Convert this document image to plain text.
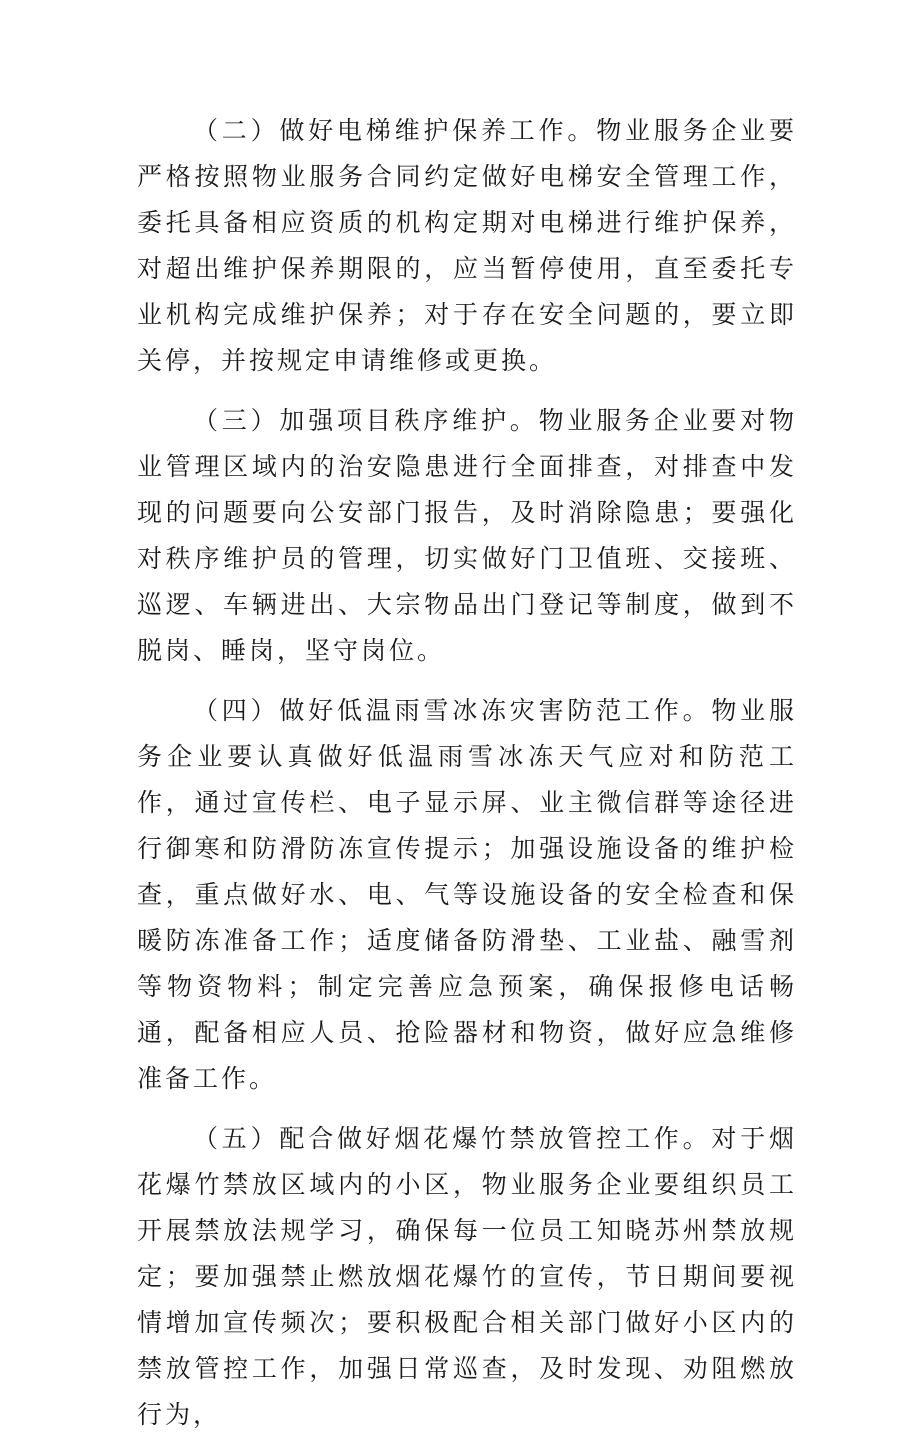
（二）做好电梯维护保养工作。物业服务企业要严格按照物业服务合同约定做好电梯安全管理工作，委托具备相应资质的机构定期对电梯进行维护保养，对超出维护保养期限的，应当暂停使用，直至委托专业机构完成维护保养；对于存在安全问题的，要立即关停，并按规定申请维修或更换。

（三）加强项目秩序维护。物业服务企业要对物业管理区域内的治安隐患进行全面排查，对排查中发现的问题要向公安部门报告，及时消除隐患；要强化对秩序维护员的管理，切实做好门卫值班、交接班、巡逻、车辆进出、大宗物品出门登记等制度，做到不脱岗、睡岗，坚守岗位。

（四）做好低温雨雪冰冻灾害防范工作。物业服务企业要认真做好低温雨雪冰冻天气应对和防范工作，通过宣传栏、电子显示屏、业主微信群等途径进行御寒和防滑防冻宣传提示；加强设施设备的维护检查，重点做好水、电、气等设施设备的安全检查和保暖防冻准备工作；适度储备防滑垫、工业盐、融雪剂等物资物料；制定完善应急预案，确保报修电话畅通，配备相应人员、抢险器材和物资，做好应急维修准备工作。

（五）配合做好烟花爆竹禁放管控工作。对于烟花爆竹禁放区域内的小区，物业服务企业要组织员工开展禁放法规学习，确保每一位员工知晓苏州禁放规定；要加强禁止燃放烟花爆竹的宣传，节日期间要视情增加宣传频次；要积极配合相关部门做好小区内的禁放管控工作，加强日常巡查，及时发现、劝阻燃放行为，
